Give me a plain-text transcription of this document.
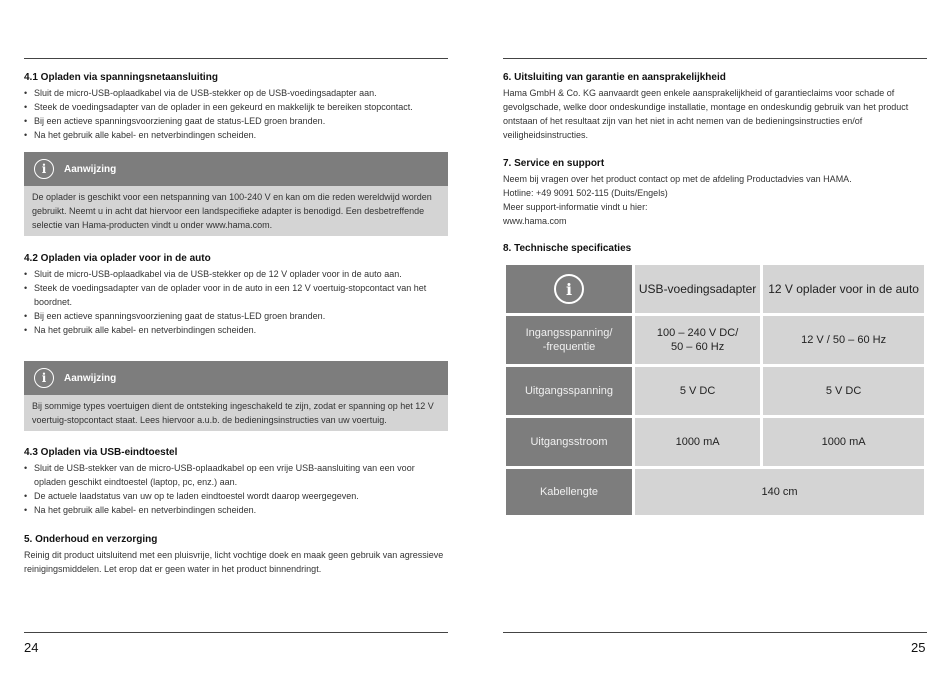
4.1 Opladen via spanningsnetaansluiting
• Sluit de micro-USB-oplaadkabel via de USB-stekker op de USB-voedingsadapter aan.
• Steek de voedingsadapter van de oplader in een gekeurd en makkelijk te bereiken stopcontact.
• Bij een actieve spanningsvoorziening gaat de status-LED groen branden.
• Na het gebruik alle kabel- en netverbindingen scheiden.
i	Aanwijzing
De oplader is geschikt voor een netspanning van 100-240 V en kan om die reden wereldwijd worden gebruikt. Neemt u in acht dat hiervoor een landspecifieke adapter is benodigd. Een desbetreffende selectie van Hama-producten vindt u onder www.hama.com.
4.2 Opladen via oplader voor in de auto
• Sluit de micro-USB-oplaadkabel via de USB-stekker op de 12 V oplader voor in de auto aan.
• Steek de voedingsadapter van de oplader voor in de auto in een 12 V voertuig-stopcontact van het boordnet.
• Bij een actieve spanningsvoorziening gaat de status-LED groen branden.
• Na het gebruik alle kabel- en netverbindingen scheiden.
i	Aanwijzing
Bij sommige types voertuigen dient de ontsteking ingeschakeld te zijn, zodat er spanning op het 12 V voertuig-stopcontact staat. Lees hiervoor a.u.b. de bedieningsinstructies van uw voertuig.
4.3 Opladen via USB-eindtoestel
• Sluit de USB-stekker van de micro-USB-oplaadkabel op een vrije USB-aansluiting van een voor opladen geschikt eindtoestel (laptop, pc, enz.) aan.
• De actuele laadstatus van uw op te laden eindtoestel wordt daarop weergegeven.
• Na het gebruik alle kabel- en netverbindingen scheiden.
5. Onderhoud en verzorging

Reinig dit product uitsluitend met een pluisvrije, licht vochtige doek en maak geen gebruik van agressieve reinigingsmiddelen. Let erop dat er geen water in het product binnendringt.

24
6. Uitsluiting van garantie en aansprakelijkheid

Hama GmbH & Co. KG aanvaardt geen enkele aansprakelijkheid of garantieclaims voor schade of gevolgschade, welke door ondeskundige installatie, montage en ondeskundig gebruik van het product ontstaan of het resultaat zijn van het niet in acht nemen van de bedieningsinstructies en/of veiligheidsinstructies.

7. Service en support

Neem bij vragen over het product contact op met de afdeling Productadvies van HAMA.

Hotline: +49 9091 502-115 (Duits/Engels)

Meer support-informatie vindt u hier:

www.hama.com

8. Technische specificaties
i	USB-voedingsadapter	12 V oplader voor in de auto
Ingangsspanning/
-frequentie	100 – 240 V DC/
50 – 60 Hz	12 V / 50 – 60 Hz
Uitgangsspanning	5 V DC	5 V DC
Uitgangsstroom	1000 mA	1000 mA
Kabellengte	140 cm	
25
